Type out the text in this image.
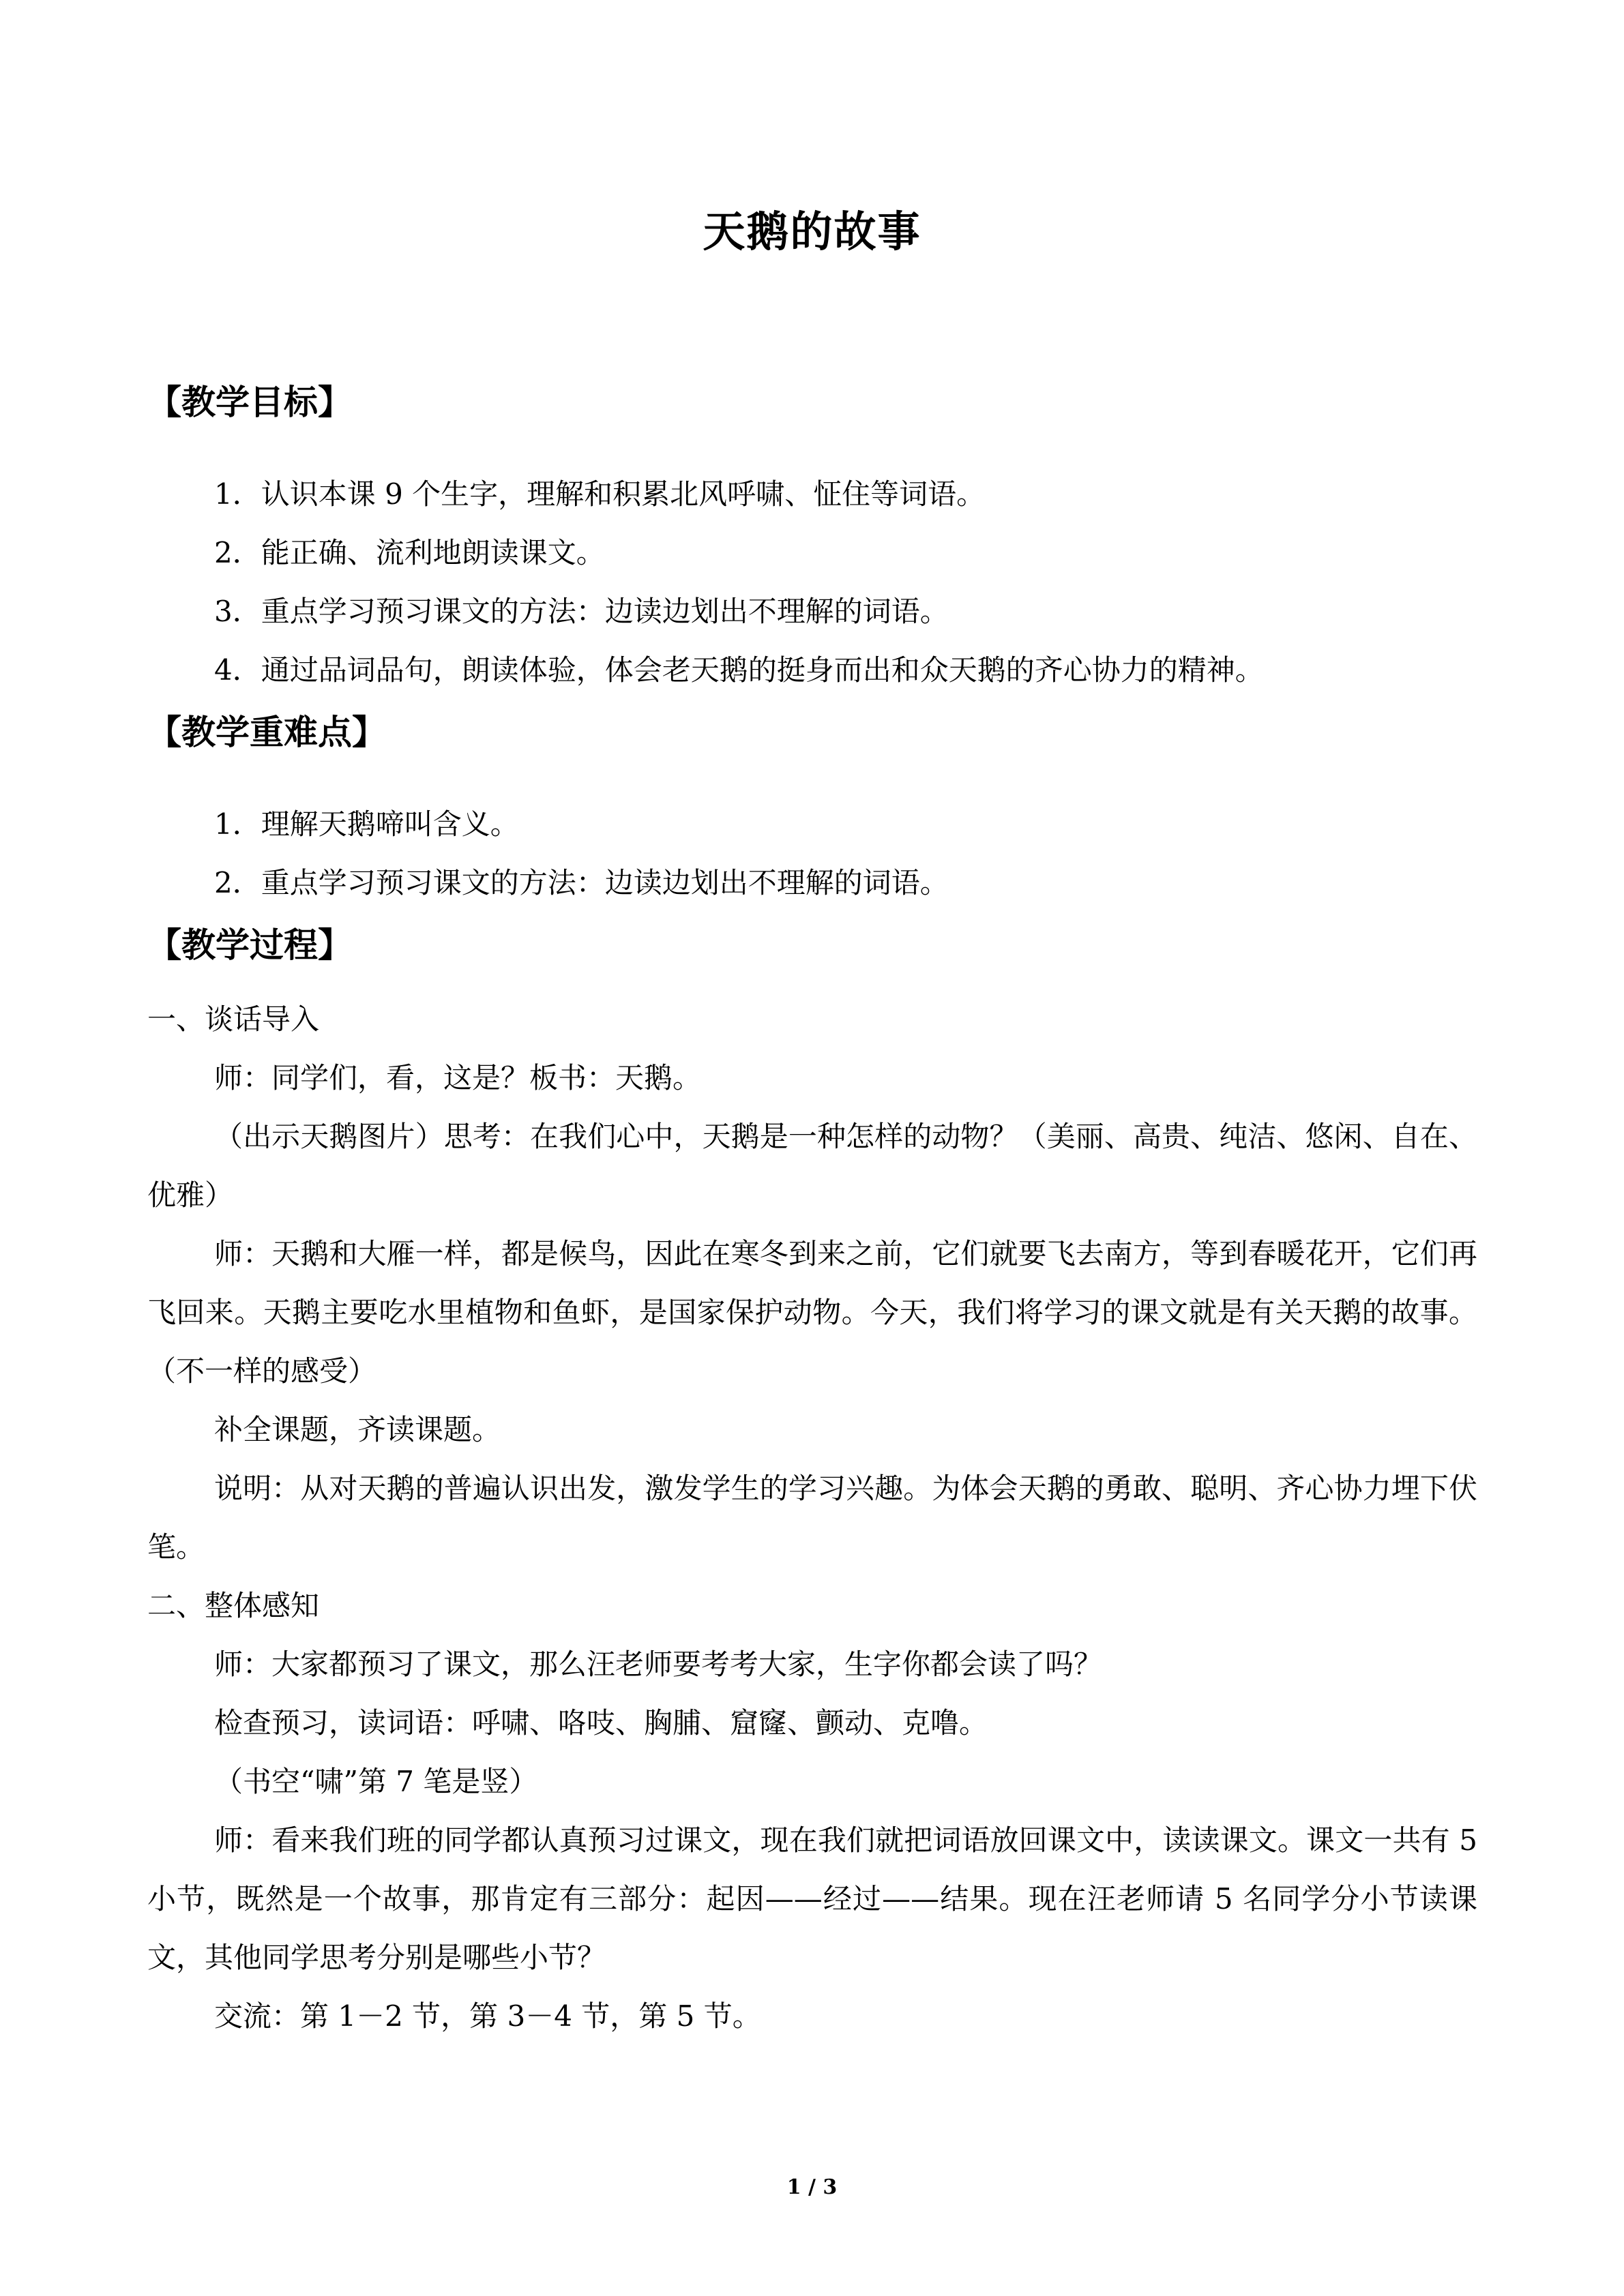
天鹅的故事
【教学目标】

1．认识本课 9 个生字，理解和积累北风呼啸、怔住等词语。

2．能正确、流利地朗读课文。

3．重点学习预习课文的方法：边读边划出不理解的词语。

4．通过品词品句，朗读体验，体会老天鹅的挺身而出和众天鹅的齐心协力的精神。

【教学重难点】

1．理解天鹅啼叫含义。

2．重点学习预习课文的方法：边读边划出不理解的词语。

【教学过程】

一、谈话导入

师：同学们，看，这是？板书：天鹅。

（出示天鹅图片）思考：在我们心中，天鹅是一种怎样的动物？（美丽、高贵、纯洁、悠闲、自在、优雅）

师：天鹅和大雁一样，都是候鸟，因此在寒冬到来之前，它们就要飞去南方，等到春暖花开，它们再飞回来。天鹅主要吃水里植物和鱼虾，是国家保护动物。今天，我们将学习的课文就是有关天鹅的故事。（不一样的感受）

补全课题，齐读课题。

说明：从对天鹅的普遍认识出发，激发学生的学习兴趣。为体会天鹅的勇敢、聪明、齐心协力埋下伏笔。

二、整体感知

师：大家都预习了课文，那么汪老师要考考大家，生字你都会读了吗？

检查预习，读词语：呼啸、咯吱、胸脯、窟窿、颤动、克噜。

（书空“啸”第 7 笔是竖）

师：看来我们班的同学都认真预习过课文，现在我们就把词语放回课文中，读读课文。课文一共有 5 小节，既然是一个故事，那肯定有三部分：起因——经过——结果。现在汪老师请 5 名同学分小节读课文，其他同学思考分别是哪些小节？

交流：第 1－2 节，第 3－4 节，第 5 节。

1 / 3
